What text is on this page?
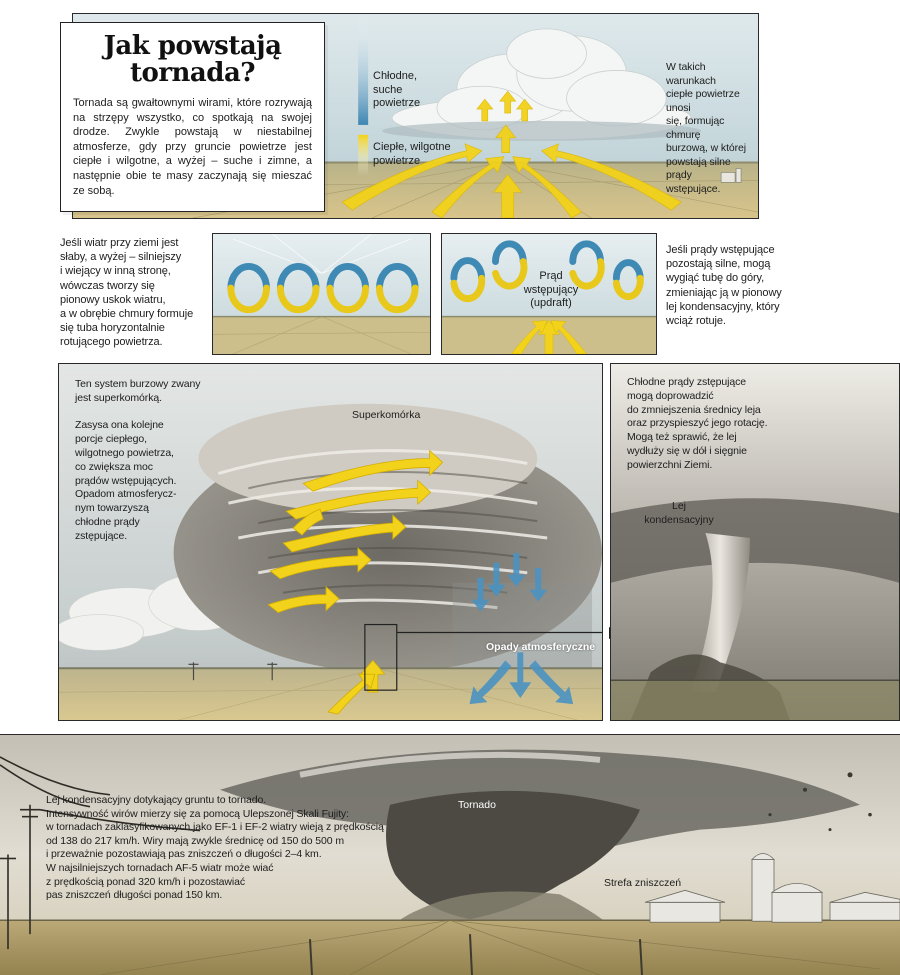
Chłodne,
suche
powietrze
Ciepłe, wilgotne
powietrze
W takich warunkach
ciepłe powietrze unosi
się, formując chmurę
burzową, w której
powstają silne prądy
wstępujące.
Jak powstają
tornada?

Tornada są gwałtownymi wirami, które rozrywają na strzępy wszystko, co spotkają na swojej drodze. Zwykle powstają w niestabilnej atmosferze, gdy przy gruncie powietrze jest ciepłe i wilgotne, a wyżej – suche i zimne, a następnie obie te masy zaczynają się mieszać ze sobą.

Jeśli wiatr przy ziemi jest
słaby, a wyżej – silniejszy
i wiejący w inną stronę,
wówczas tworzy się
pionowy uskok wiatru,
a w obrębie chmury formuje
się tuba horyzontalnie
rotującego powietrza.
Prąd
wstępujący
(updraft)
Jeśli prądy wstępujące
pozostają silne, mogą
wygiąć tubę do góry,
zmieniając ją w pionowy
lej kondensacyjny, który
wciąż rotuje.
Ten system burzowy zwany
jest superkomórką.

Zasysa ona kolejne
porcje ciepłego,
wilgotnego powietrza,
co zwiększa moc
prądów wstępujących.
Opadom atmosferycz-
nym towarzyszą
chłodne prądy
zstępujące.
Superkomórka
Opady atmosferyczne
Chłodne prądy zstępujące
mogą doprowadzić
do zmniejszenia średnicy leja
oraz przyspieszyć jego rotację.
Mogą też sprawić, że lej
wydłuży się w dół i sięgnie
powierzchni Ziemi.
Lej
kondensacyjny
Lej kondensacyjny dotykający gruntu to tornado.
Intensywność wirów mierzy się za pomocą Ulepszonej Skali Fujity:
w tornadach zaklasyfikowanych jako EF-1 i EF-2 wiatry wieją z prędkością
od 138 do 217 km/h. Wiry mają zwykle średnicę od 150 do 500 m
i przeważnie pozostawiają pas zniszczeń o długości 2–4 km.
W najsilniejszych tornadach AF-5 wiatr może wiać
z prędkością ponad 320 km/h i pozostawiać
pas zniszczeń długości ponad 150 km.
Tornado
Strefa zniszczeń
